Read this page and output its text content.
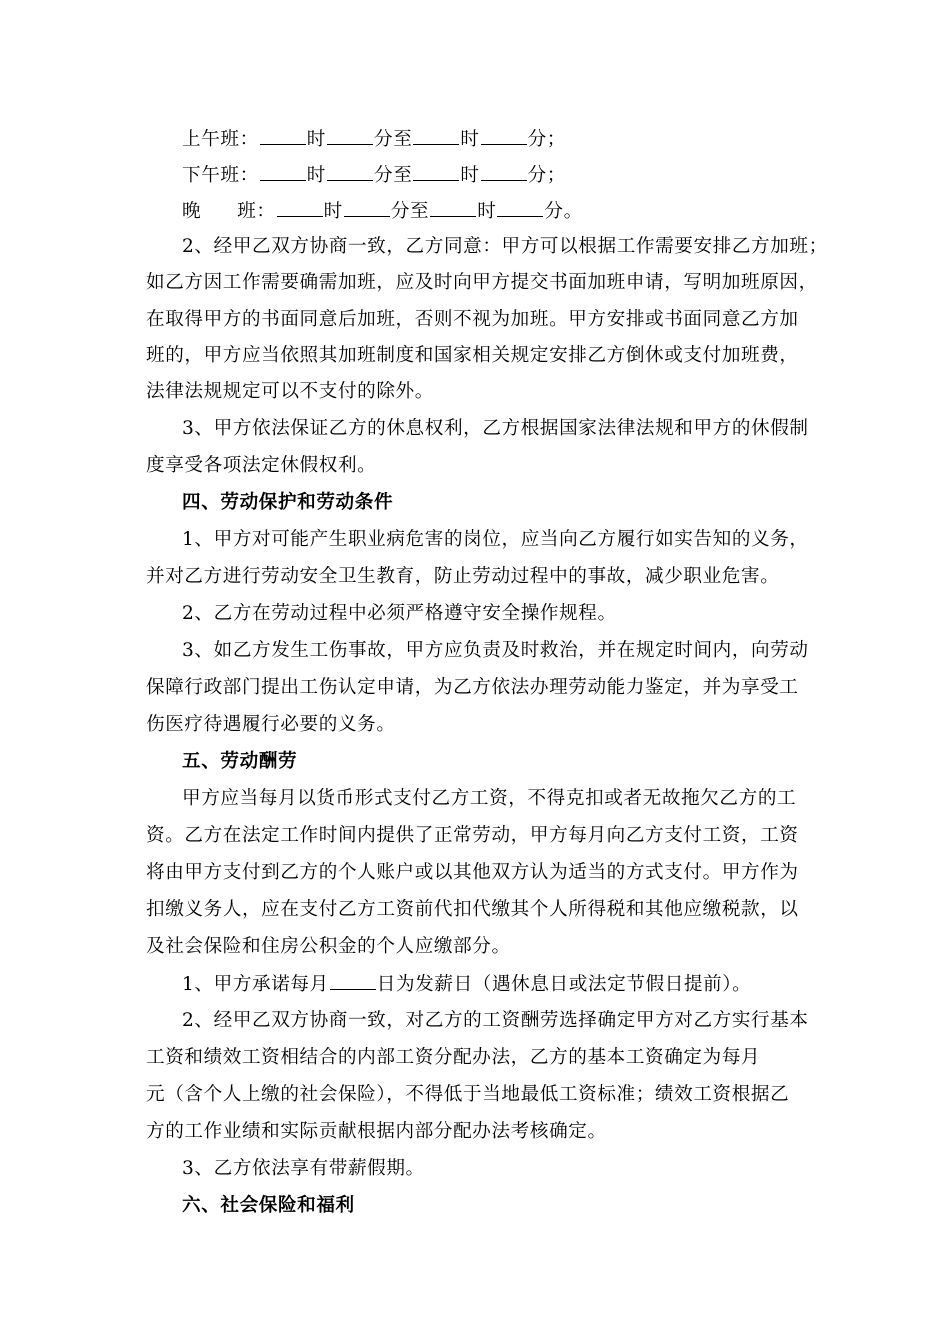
上午班：	时	分至	时	分；
下午班：	时	分至	时	分；
晚 班：	时	分至	时	分。
2、经甲乙双方协商一致，乙方同意：甲方可以根据工作需要安排乙方加班；
如乙方因工作需要确需加班，应及时向甲方提交书面加班申请，写明加班原因，
在取得甲方的书面同意后加班，否则不视为加班。甲方安排或书面同意乙方加
班的，甲方应当依照其加班制度和国家相关规定安排乙方倒休或支付加班费，
法律法规规定可以不支付的除外。
3、甲方依法保证乙方的休息权利，乙方根据国家法律法规和甲方的休假制
度享受各项法定休假权利。
四、劳动保护和劳动条件
1、甲方对可能产生职业病危害的岗位，应当向乙方履行如实告知的义务，
并对乙方进行劳动安全卫生教育，防止劳动过程中的事故，减少职业危害。
2、乙方在劳动过程中必须严格遵守安全操作规程。
3、如乙方发生工伤事故，甲方应负责及时救治，并在规定时间内，向劳动
保障行政部门提出工伤认定申请，为乙方依法办理劳动能力鉴定，并为享受工
伤医疗待遇履行必要的义务。
五、劳动酬劳
甲方应当每月以货币形式支付乙方工资，不得克扣或者无故拖欠乙方的工
资。乙方在法定工作时间内提供了正常劳动，甲方每月向乙方支付工资，工资
将由甲方支付到乙方的个人账户或以其他双方认为适当的方式支付。甲方作为
扣缴义务人，应在支付乙方工资前代扣代缴其个人所得税和其他应缴税款，以
及社会保险和住房公积金的个人应缴部分。
1、甲方承诺每月	日为发薪日（遇休息日或法定节假日提前）。
2、经甲乙双方协商一致，对乙方的工资酬劳选择确定甲方对乙方实行基本
工资和绩效工资相结合的内部工资分配办法，乙方的基本工资确定为每月
元（含个人上缴的社会保险），不得低于当地最低工资标准；绩效工资根据乙
方的工作业绩和实际贡献根据内部分配办法考核确定。
3、乙方依法享有带薪假期。
六、社会保险和福利
